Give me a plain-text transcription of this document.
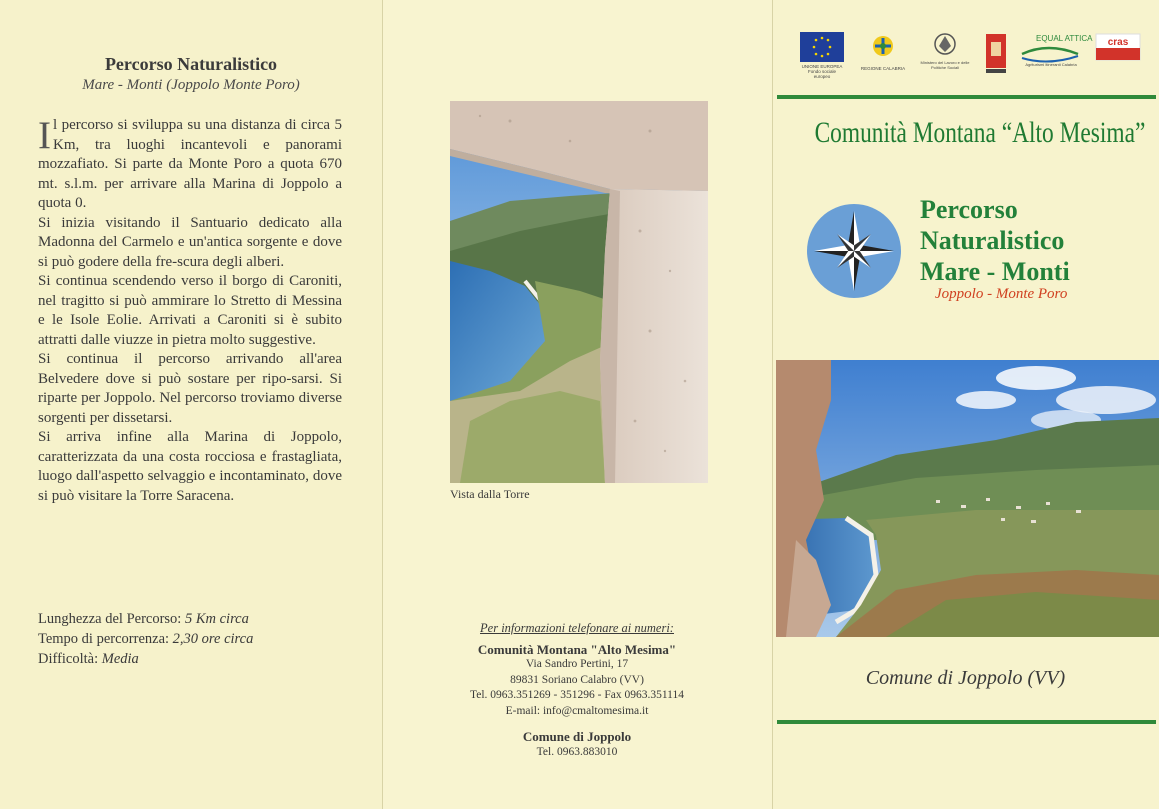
Percorso Naturalistico
Mare - Monti (Joppolo Monte Poro)

Il percorso si sviluppa su una distanza di circa 5 Km, tra luoghi incantevoli e panorami mozzafiato. Si parte da Monte Poro a quota 670 mt. s.l.m. per arrivare alla Marina di Joppolo a quota 0.

Si inizia visitando il Santuario dedicato alla Madonna del Carmelo e un'antica sorgente e dove si può godere della fre-scura degli alberi.

Si continua scendendo verso il borgo di Caroniti, nel tragitto si può ammirare lo Stretto di Messina e le Isole Eolie. Arrivati a Caroniti si è subito attratti dalle viuzze in pietra molto suggestive.

Si continua il percorso arrivando all'area Belvedere dove si può sostare per ripo-sarsi. Si riparte per Joppolo. Nel percorso troviamo diverse sorgenti per dissetarsi.

Si arriva infine alla Marina di Joppolo, caratterizzata da una costa rocciosa e frastagliata, luogo dall'aspetto selvaggio e incontaminato, dove si può visitare la Torre Saracena.

Lunghezza del Percorso: 5 Km circa
Tempo di percorrenza: 2,30 ore circa
Difficoltà: Media
Vista dalla Torre
Per informazioni telefonare ai numeri:
Comunità Montana "Alto Mesima"
Via Sandro Pertini, 17
89831 Soriano Calabro (VV)
Tel. 0963.351269 - 351296 - Fax 0963.351114
E-mail: info@cmaltomesima.it
Comune di Joppolo
Tel. 0963.883010
UNIONE EUROPEA
Fondo sociale europeo
REGIONE CALABRIA
Ministero del Lavoro e delle Politiche Sociali
EQUAL ATTICA
Agriturismi Itineranti Calabria
cras
Comunità Montana “Alto Mesima”
Percorso
Naturalistico
Mare - Monti
Joppolo - Monte Poro
Comune di Joppolo (VV)
